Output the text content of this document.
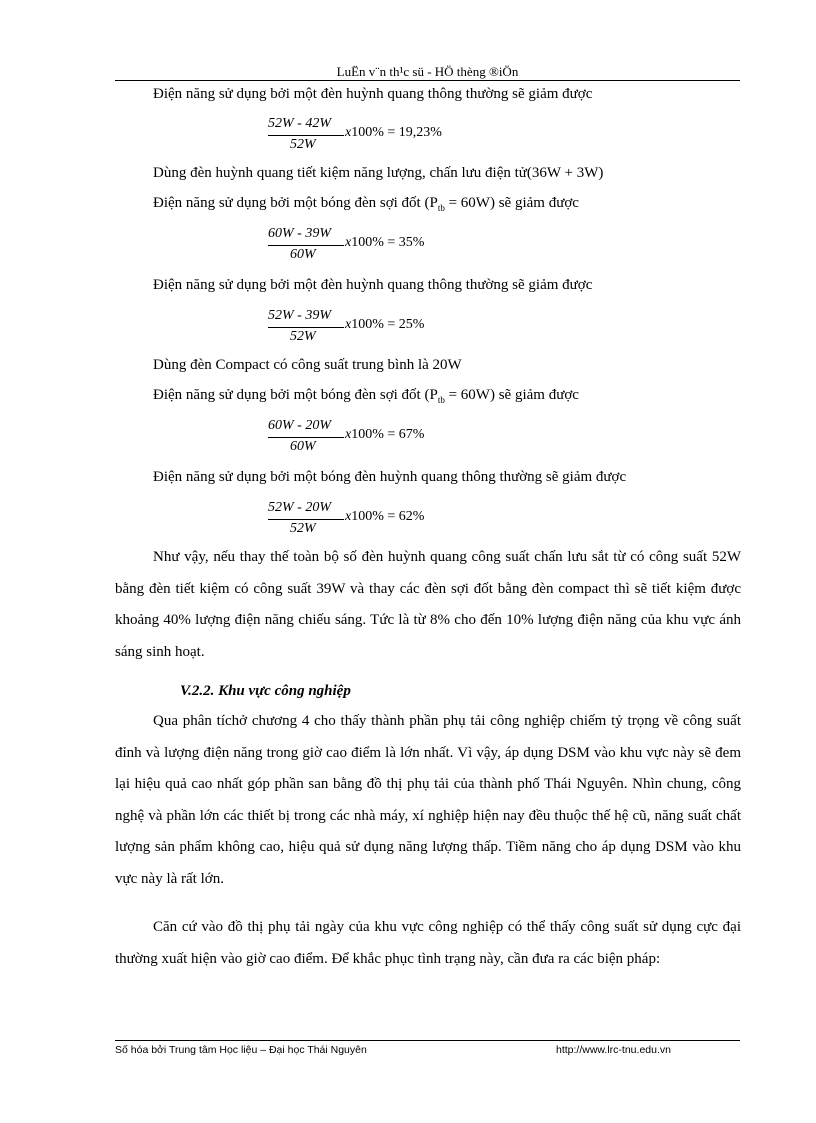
LuËn v¨n th¹c sü - HÖ thèng ®iÖn
Điện năng sử dụng bởi một đèn huỳnh quang thông thường sẽ giảm được
52W - 42W
52W
x100% = 19,23%
Dùng đèn huỳnh quang tiết kiệm năng lượng, chấn lưu điện tử(36W + 3W)
Điện năng sử dụng bởi một bóng đèn sợi đốt $(P_{tb} = 60W)$ sẽ giảm được
60W - 39W
60W
x100% = 35%
Điện năng sử dụng bởi một đèn huỳnh quang thông thường sẽ giảm được
52W - 39W
52W
x100% = 25%
Dùng đèn Compact có công suất trung bình là 20W
Điện năng sử dụng bởi một bóng đèn sợi đốt $(P_{tb} = 60W)$ sẽ giảm được
60W - 20W
60W
x100% = 67%
Điện năng sử dụng bởi một bóng đèn huỳnh quang thông thường sẽ giảm được
52W - 20W
52W
x100% = 62%
Như vậy, nếu thay thế toàn bộ số đèn huỳnh quang công suất chấn lưu sắt từ có công suất 52W bằng đèn tiết kiệm có công suất 39W và thay các đèn sợi đốt bằng đèn compact thì sẽ tiết kiệm được khoảng 40% lượng điện năng chiếu sáng. Tức là từ 8% cho đến 10% lượng điện năng của khu vực ánh sáng sinh hoạt.
V.2.2. Khu vực công nghiệp
Qua phân tíchở chương 4 cho thấy thành phần phụ tải công nghiệp chiếm tỷ trọng về công suất đỉnh và lượng điện năng trong giờ cao điểm là lớn nhất. Vì vậy, áp dụng DSM vào khu vực này sẽ đem lại hiệu quả cao nhất góp phần san bằng đồ thị phụ tải của thành phố Thái Nguyên. Nhìn chung, công nghệ và phần lớn các thiết bị trong các nhà máy, xí nghiệp hiện nay đều thuộc thế hệ cũ, năng suất chất lượng sản phẩm không cao, hiệu quả sử dụng năng lượng thấp. Tiềm năng cho áp dụng DSM vào khu vực này là rất lớn.
Căn cứ vào đồ thị phụ tải ngày của khu vực công nghiệp có thể thấy công suất sử dụng cực đại thường xuất hiện vào giờ cao điểm. Để khắc phục tình trạng này, cần đưa ra các biện pháp:
Số hóa bởi Trung tâm Học liệu – Đại học Thái Nguyên	http://www.lrc-tnu.edu.vn
